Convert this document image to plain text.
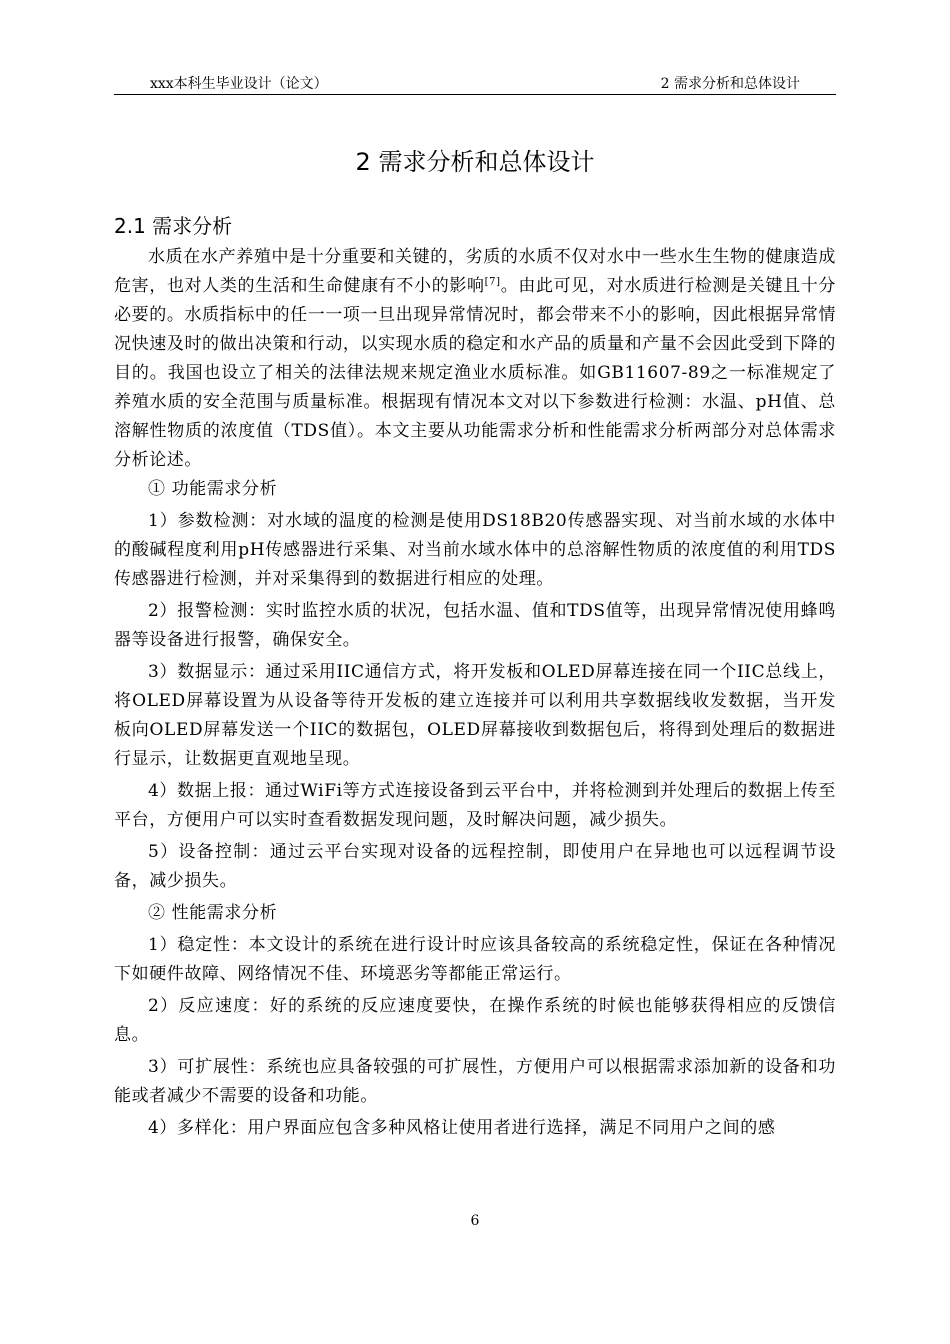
xxx本科生毕业设计（论文）	2 需求分析和总体设计
2 需求分析和总体设计
2.1 需求分析

水质在水产养殖中是十分重要和关键的，劣质的水质不仅对水中一些水生生物的健康造成危害，也对人类的生活和生命健康有不小的影响[7]。由此可见，对水质进行检测是关键且十分必要的。水质指标中的任一一项一旦出现异常情况时，都会带来不小的影响，因此根据异常情况快速及时的做出决策和行动，以实现水质的稳定和水产品的质量和产量不会因此受到下降的目的。我国也设立了相关的法律法规来规定渔业水质标准。如GB11607-89之一标准规定了养殖水质的安全范围与质量标准。根据现有情况本文对以下参数进行检测：水温、pH值、总溶解性物质的浓度值（TDS值）。本文主要从功能需求分析和性能需求分析两部分对总体需求分析论述。

① 功能需求分析

1）参数检测：对水域的温度的检测是使用DS18B20传感器实现、对当前水域的水体中的酸碱程度利用pH传感器进行采集、对当前水域水体中的总溶解性物质的浓度值的利用TDS传感器进行检测，并对采集得到的数据进行相应的处理。

2）报警检测：实时监控水质的状况，包括水温、值和TDS值等，出现异常情况使用蜂鸣器等设备进行报警，确保安全。

3）数据显示：通过采用IIC通信方式，将开发板和OLED屏幕连接在同一个IIC总线上，将OLED屏幕设置为从设备等待开发板的建立连接并可以利用共享数据线收发数据，当开发板向OLED屏幕发送一个IIC的数据包，OLED屏幕接收到数据包后，将得到处理后的数据进行显示，让数据更直观地呈现。

4）数据上报：通过WiFi等方式连接设备到云平台中，并将检测到并处理后的数据上传至平台，方便用户可以实时查看数据发现问题，及时解决问题，减少损失。

5）设备控制：通过云平台实现对设备的远程控制，即使用户在异地也可以远程调节设备，减少损失。

② 性能需求分析

1）稳定性：本文设计的系统在进行设计时应该具备较高的系统稳定性，保证在各种情况下如硬件故障、网络情况不佳、环境恶劣等都能正常运行。

2）反应速度：好的系统的反应速度要快，在操作系统的时候也能够获得相应的反馈信息。

3）可扩展性：系统也应具备较强的可扩展性，方便用户可以根据需求添加新的设备和功能或者减少不需要的设备和功能。

4）多样化：用户界面应包含多种风格让使用者进行选择，满足不同用户之间的感

6
